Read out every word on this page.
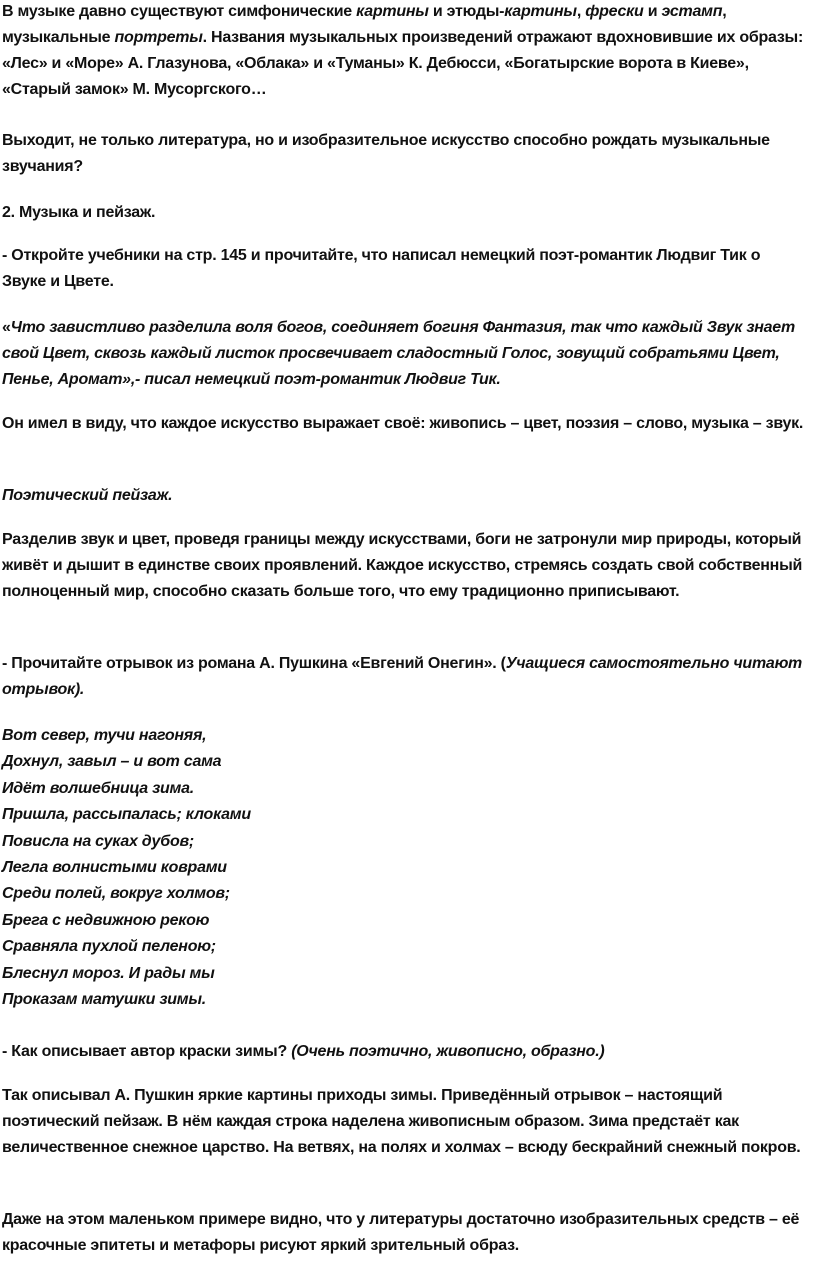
В музыке давно существуют симфонические картины и этюды-картины, фрески и эстамп, музыкальные портреты. Названия музыкальных произведений отражают вдохновившие их образы: «Лес» и «Море» А. Глазунова, «Облака» и «Туманы» К. Дебюсси, «Богатырские ворота в Киеве», «Старый замок» М. Мусоргского…

Выходит, не только литература, но и изобразительное искусство способно рождать музыкальные звучания?

2. Музыка и пейзаж.

- Откройте учебники на стр. 145 и прочитайте, что написал немецкий поэт-романтик Людвиг Тик о Звуке и Цвете.

«Что завистливо разделила воля богов, соединяет богиня Фантазия, так что каждый Звук знает свой Цвет, сквозь каждый листок просвечивает сладостный Голос, зовущий собратьями Цвет, Пенье, Аромат»,- писал немецкий поэт-романтик Людвиг Тик.

Он имел в виду, что каждое искусство выражает своё: живопись – цвет, поэзия – слово, музыка – звук.

Поэтический пейзаж.

Разделив звук и цвет, проведя границы между искусствами, боги не затронули мир природы, который живёт и дышит в единстве своих проявлений. Каждое искусство, стремясь создать свой собственный полноценный мир, способно сказать больше того, что ему традиционно приписывают.

- Прочитайте отрывок из романа А. Пушкина «Евгений Онегин». (Учащиеся самостоятельно читают отрывок).

Вот север, тучи нагоняя,
Дохнул, завыл – и вот сама
Идёт волшебница зима.
Пришла, рассыпалась; клоками
Повисла на суках дубов;
Легла волнистыми коврами
Среди полей, вокруг холмов;
Брега с недвижною рекою
Сравняла пухлой пеленою;
Блеснул мороз. И рады мы
Проказам матушки зимы.

- Как описывает автор краски зимы? (Очень поэтично, живописно, образно.)

Так описывал А. Пушкин яркие картины приходы зимы. Приведённый отрывок – настоящий поэтический пейзаж. В нём каждая строка наделена живописным образом. Зима предстаёт как величественное снежное царство. На ветвях, на полях и холмах – всюду бескрайний снежный покров.

Даже на этом маленьком примере видно, что у литературы достаточно изобразительных средств – её красочные эпитеты и метафоры рисуют яркий зрительный образ.
